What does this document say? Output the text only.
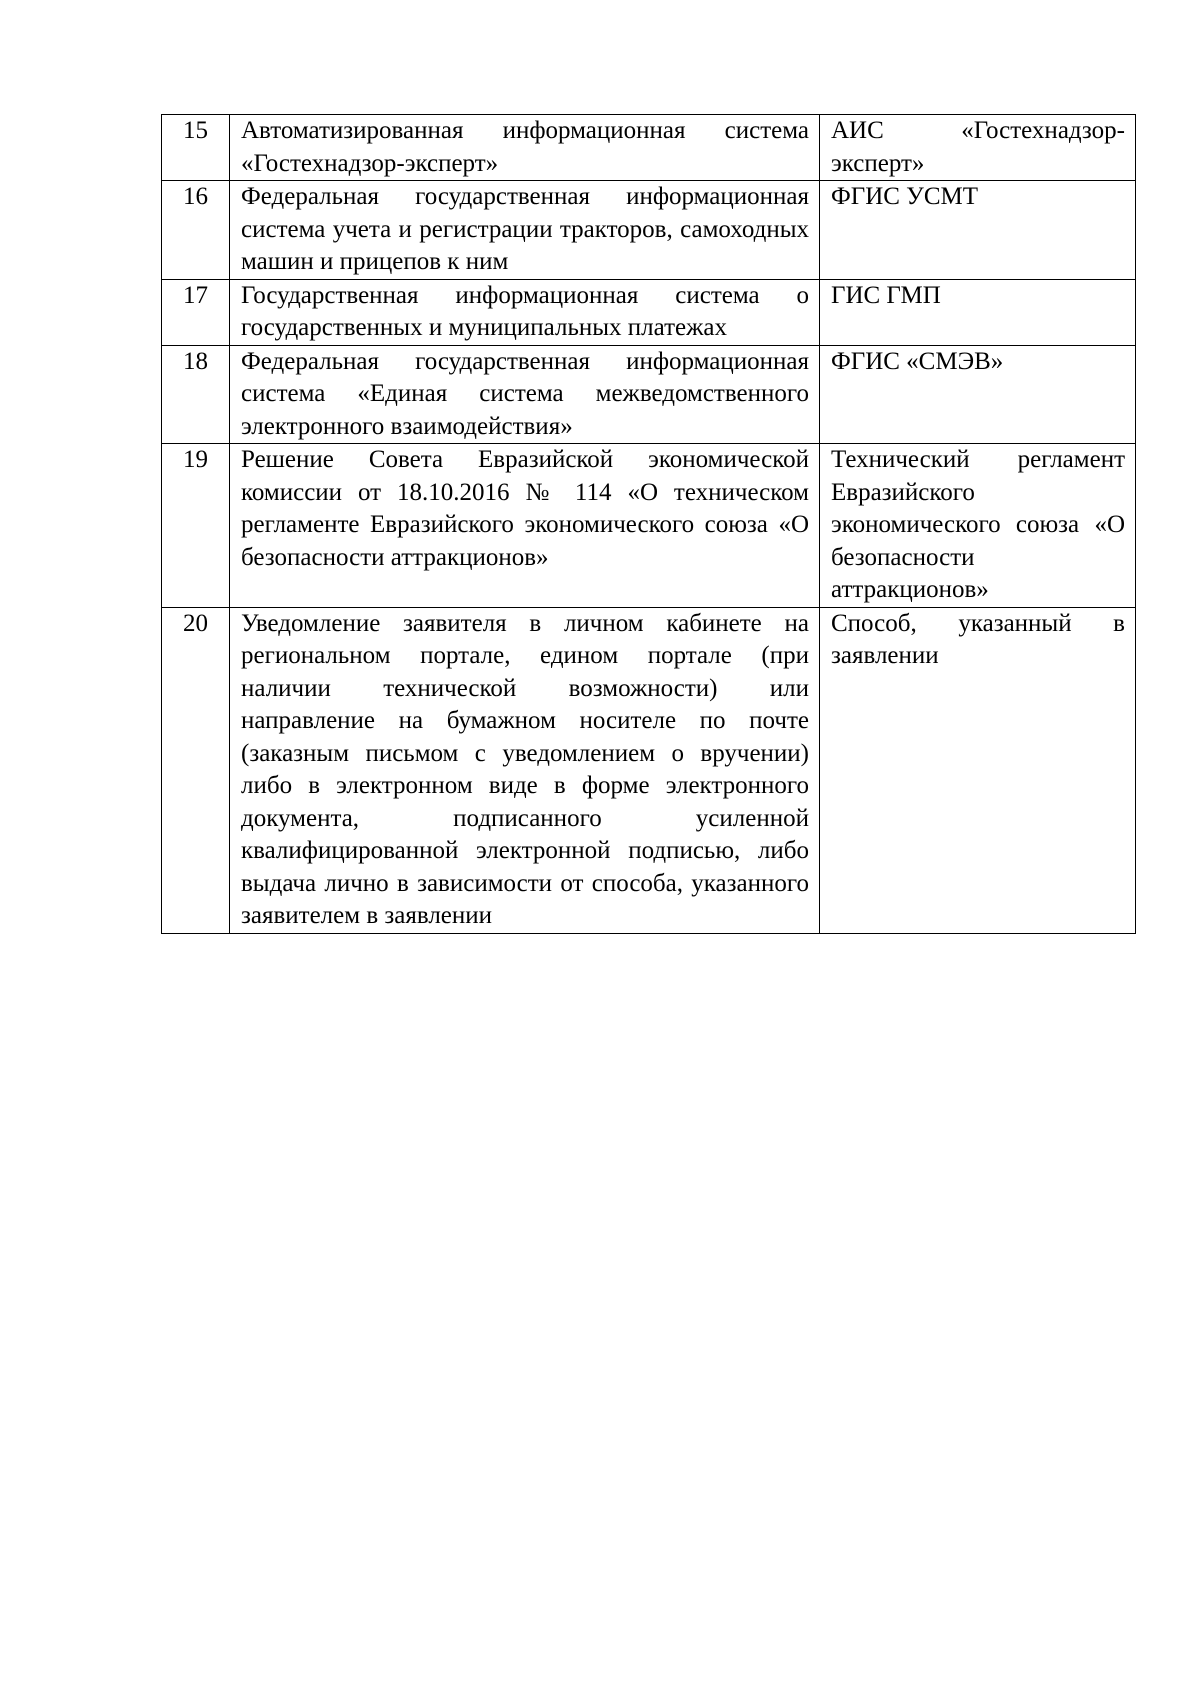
15	Автоматизированная информационная система «Гостехнадзор-эксперт»	АИС «Гостехнадзор-эксперт»
16	Федеральная государственная информационная система учета и регистрации тракторов, самоходных машин и прицепов к ним	ФГИС УСМТ
17	Государственная информационная система о государственных и муниципальных платежах	ГИС ГМП
18	Федеральная государственная информационная система «Единая система межведомственного электронного взаимодействия»	ФГИС «СМЭВ»
19	Решение Совета Евразийской экономической комиссии от 18.10.2016 № 114 «О техническом регламенте Евразийского экономического союза «О безопасности аттракционов»	Технический регламент Евразийского экономического союза «О безопасности аттракционов»
20	Уведомление заявителя в личном кабинете на региональном портале, едином портале (при наличии технической возможности) или направление на бумажном носителе по почте (заказным письмом с уведомлением о вручении) либо в электронном виде в форме электронного документа, подписанного усиленной квалифицированной электронной подписью, либо выдача лично в зависимости от способа, указанного заявителем в заявлении	Способ, указанный в заявлении
